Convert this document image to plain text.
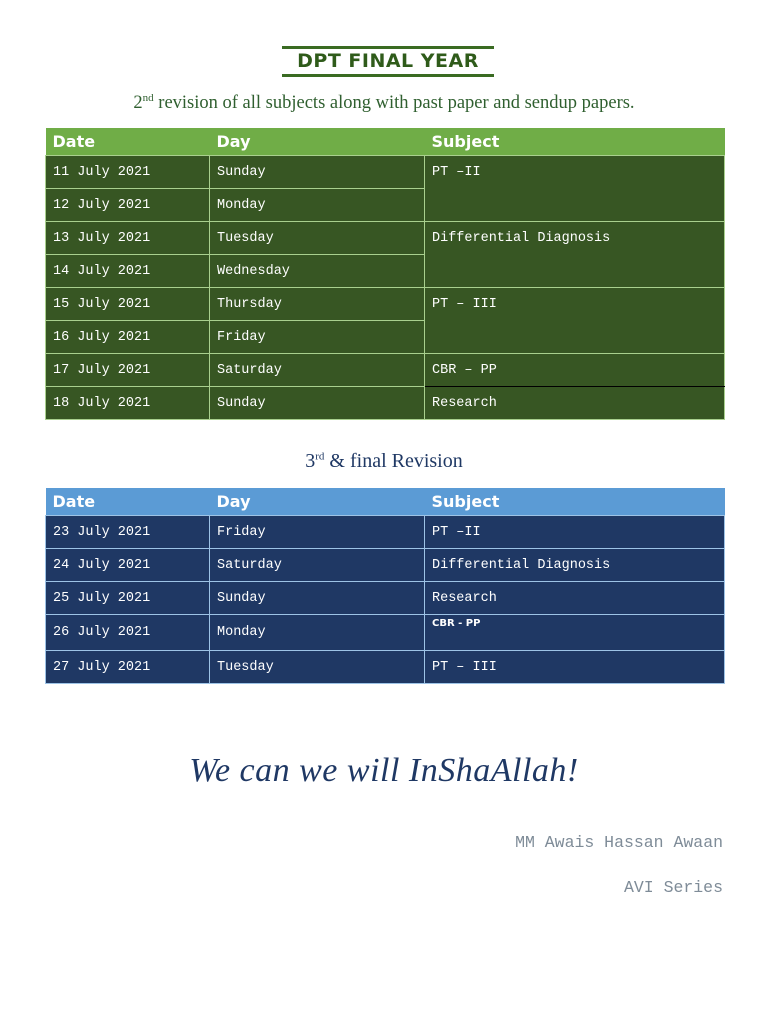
DPT FINAL YEAR
2nd revision of all subjects along with past paper and sendup papers.
Date	Day	Subject
11 July 2021	Sunday	PT –II
12 July 2021	Monday	
13 July 2021	Tuesday	Differential Diagnosis
14 July 2021	Wednesday	
15 July 2021	Thursday	PT – III
16 July 2021	Friday	
17 July 2021	Saturday	CBR – PP
18 July 2021	Sunday	Research
3rd & final Revision
Date	Day	Subject
23 July 2021	Friday	PT –II
24 July 2021	Saturday	Differential Diagnosis
25 July 2021	Sunday	Research
26 July 2021	Monday	CBR - PP
27 July 2021	Tuesday	PT – III
We can we will InShaAllah!
MM Awais Hassan Awaan
AVI Series
